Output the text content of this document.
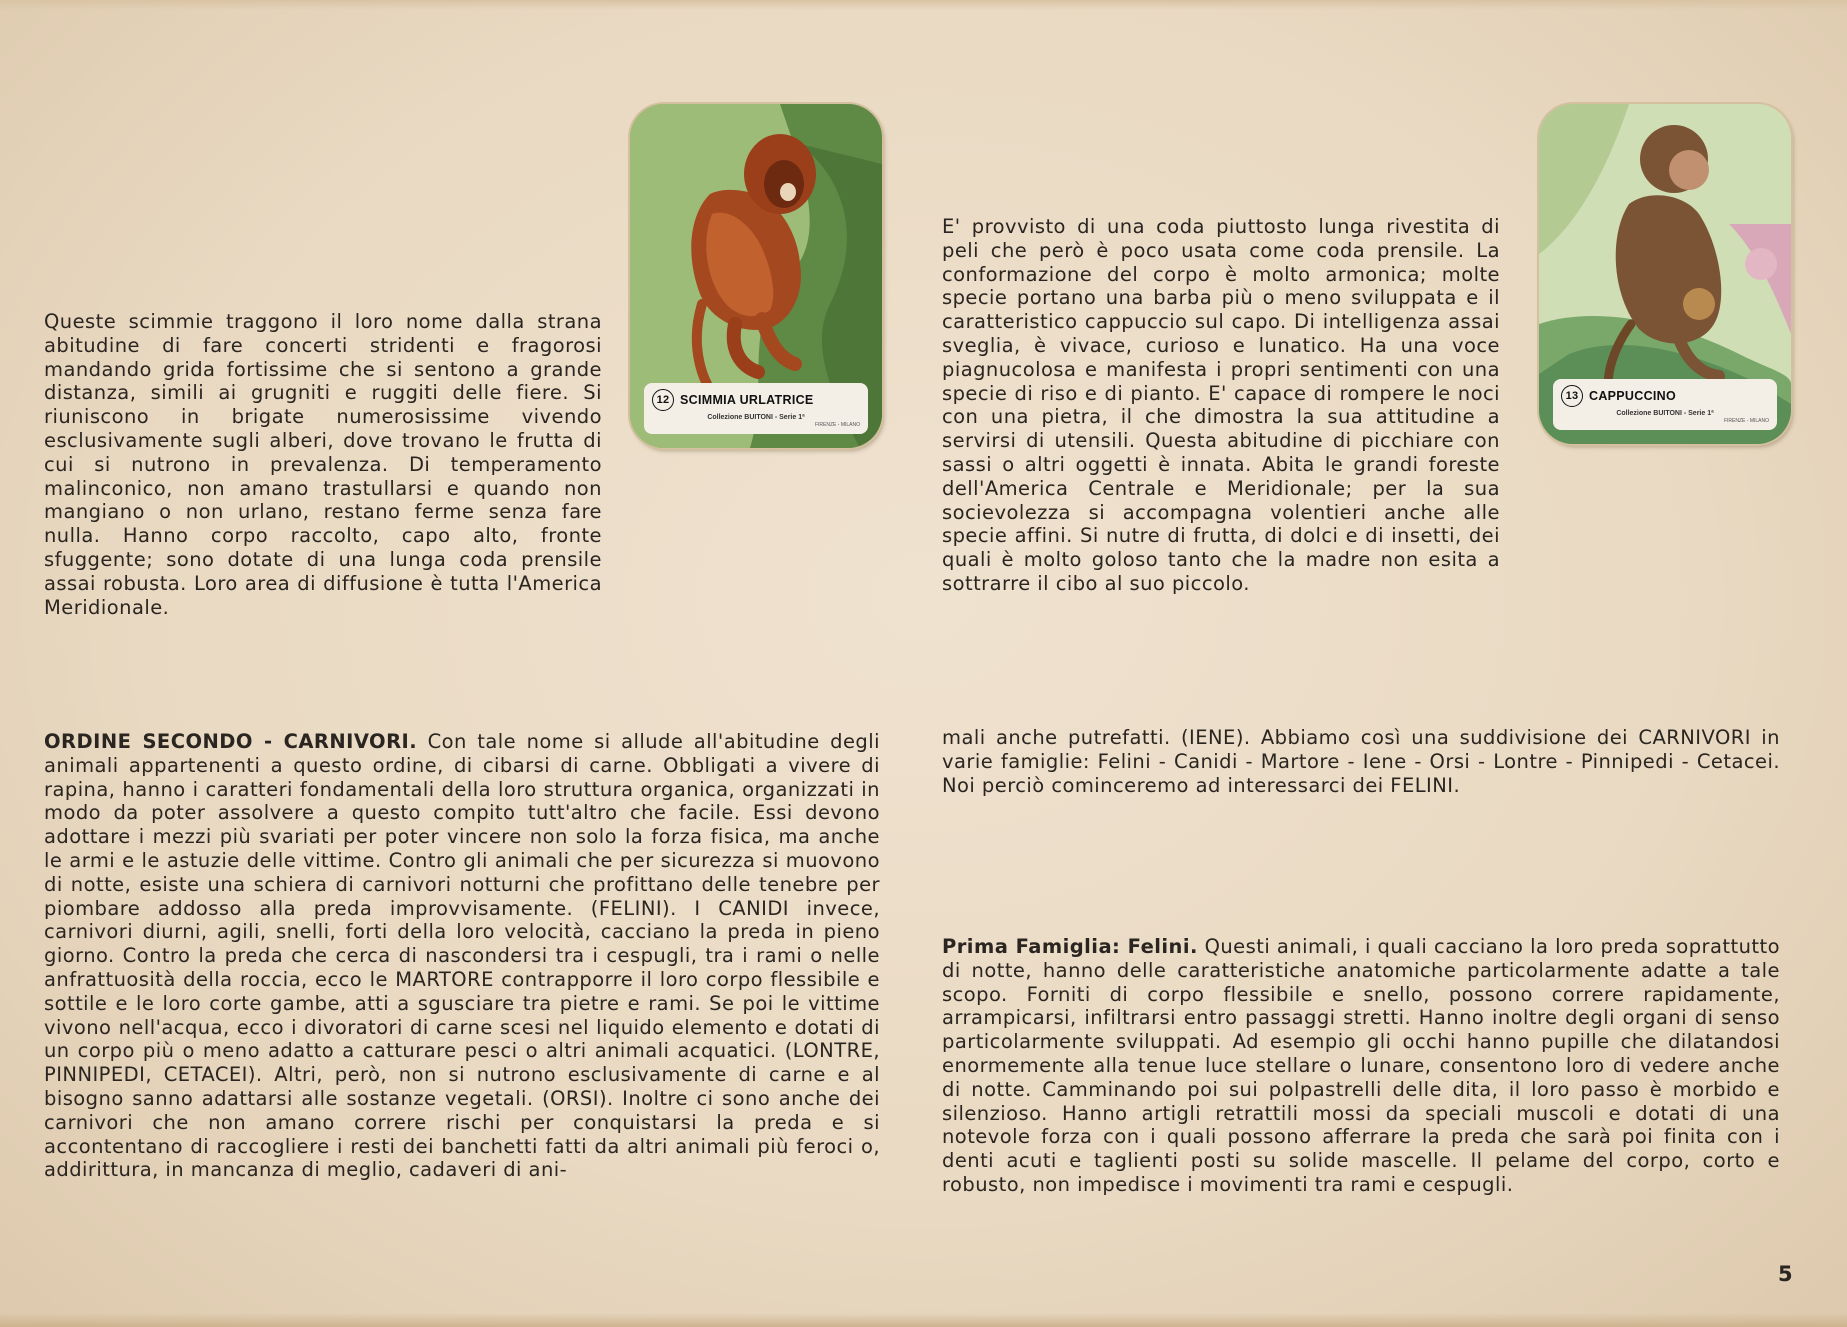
12 SCIMMIA URLATRICE
Collezione BUITONI - Serie 1ª
FIRENZE - MILANO
13 CAPPUCCINO
Collezione BUITONI - Serie 1ª
FIRENZE - MILANO
Queste scimmie traggono il loro nome dalla strana abitudine di fare concerti stridenti e fragorosi mandando grida fortissime che si sentono a grande distanza, simili ai grugniti e ruggiti delle fiere. Si riuniscono in brigate numerosissime vivendo esclusivamente sugli alberi, dove trovano le frutta di cui si nutrono in prevalenza. Di temperamento malinconico, non amano trastullarsi e quando non mangiano o non urlano, restano ferme senza fare nulla. Hanno corpo raccolto, capo alto, fronte sfuggente; sono dotate di una lunga coda prensile assai robusta. Loro area di diffusione è tutta l'America Meridionale.
E' provvisto di una coda piuttosto lunga rivestita di peli che però è poco usata come coda prensile. La conformazione del corpo è molto armonica; molte specie portano una barba più o meno sviluppata e il caratteristico cappuccio sul capo. Di intelligenza assai sveglia, è vivace, curioso e lunatico. Ha una voce piagnucolosa e manifesta i propri sentimenti con una specie di riso e di pianto. E' capace di rompere le noci con una pietra, il che dimostra la sua attitudine a servirsi di utensili. Questa abitudine di picchiare con sassi o altri oggetti è innata. Abita le grandi foreste dell'America Centrale e Meridionale; per la sua socievolezza si accompagna volentieri anche alle specie affini. Si nutre di frutta, di dolci e di insetti, dei quali è molto goloso tanto che la madre non esita a sottrarre il cibo al suo piccolo.
ORDINE SECONDO - CARNIVORI. Con tale nome si allude all'abitudine degli animali appartenenti a questo ordine, di cibarsi di carne. Obbligati a vivere di rapina, hanno i caratteri fondamentali della loro struttura organica, organizzati in modo da poter assolvere a questo compito tutt'altro che facile. Essi devono adottare i mezzi più svariati per poter vincere non solo la forza fisica, ma anche le armi e le astuzie delle vittime. Contro gli animali che per sicurezza si muovono di notte, esiste una schiera di carnivori notturni che profittano delle tenebre per piombare addosso alla preda improvvisamente. (FELINI). I CANIDI invece, carnivori diurni, agili, snelli, forti della loro velocità, cacciano la preda in pieno giorno. Contro la preda che cerca di nascondersi tra i cespugli, tra i rami o nelle anfrattuosità della roccia, ecco le MARTORE contrapporre il loro corpo flessibile e sottile e le loro corte gambe, atti a sgusciare tra pietre e rami. Se poi le vittime vivono nell'acqua, ecco i divoratori di carne scesi nel liquido elemento e dotati di un corpo più o meno adatto a catturare pesci o altri animali acquatici. (LONTRE, PINNIPEDI, CETACEI). Altri, però, non si nutrono esclusivamente di carne e al bisogno sanno adattarsi alle sostanze vegetali. (ORSI). Inoltre ci sono anche dei carnivori che non amano correre rischi per conquistarsi la preda e si accontentano di raccogliere i resti dei banchetti fatti da altri animali più feroci o, addirittura, in mancanza di meglio, cadaveri di ani-
mali anche putrefatti. (IENE). Abbiamo così una suddivisione dei CARNIVORI in varie famiglie: Felini - Canidi - Martore - Iene - Orsi - Lontre - Pinnipedi - Cetacei. Noi perciò cominceremo ad interessarci dei FELINI.
Prima Famiglia: Felini. Questi animali, i quali cacciano la loro preda soprattutto di notte, hanno delle caratteristiche anatomiche particolarmente adatte a tale scopo. Forniti di corpo flessibile e snello, possono correre rapidamente, arrampicarsi, infiltrarsi entro passaggi stretti. Hanno inoltre degli organi di senso particolarmente sviluppati. Ad esempio gli occhi hanno pupille che dilatandosi enormemente alla tenue luce stellare o lunare, consentono loro di vedere anche di notte. Camminando poi sui polpastrelli delle dita, il loro passo è morbido e silenzioso. Hanno artigli retrattili mossi da speciali muscoli e dotati di una notevole forza con i quali possono afferrare la preda che sarà poi finita con i denti acuti e taglienti posti su solide mascelle. Il pelame del corpo, corto e robusto, non impedisce i movimenti tra rami e cespugli.
5
